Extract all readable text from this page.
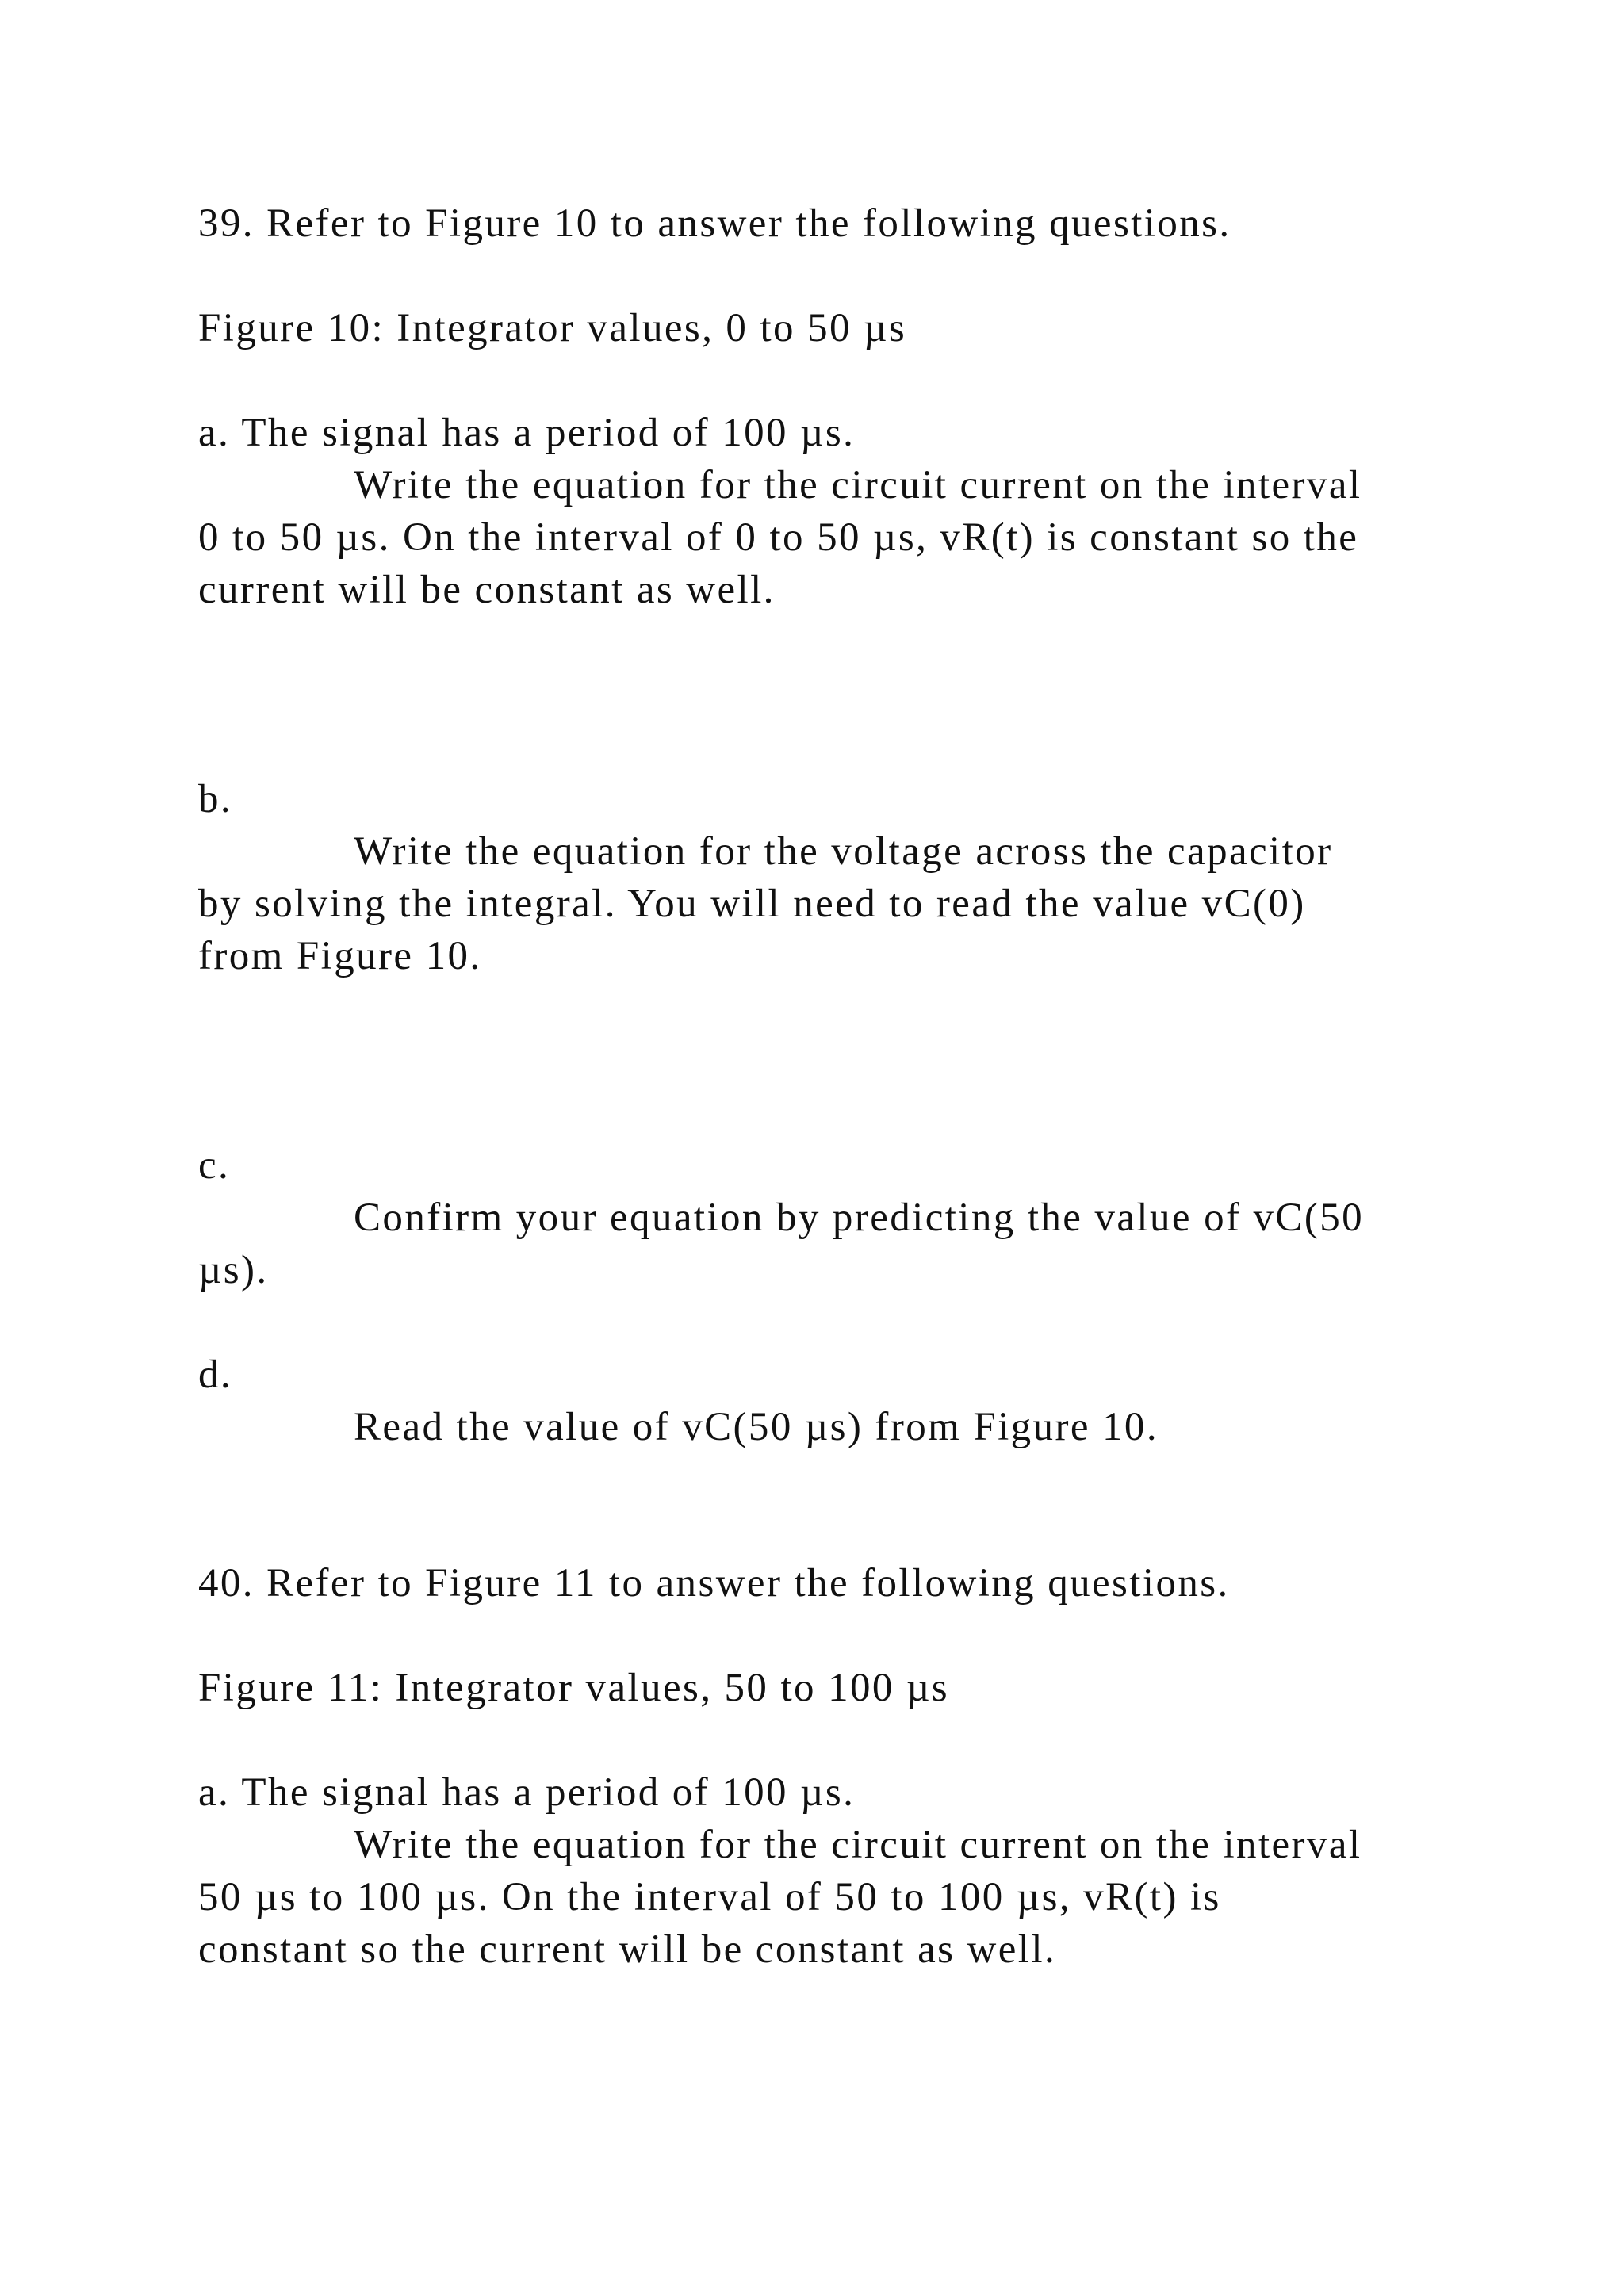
39. Refer to Figure 10 to answer the following questions.

Figure 10: Integrator values, 0 to 50 µs

a. The signal has a period of 100 µs.

Write the equation for the circuit current on the interval

0 to 50 µs. On the interval of 0 to 50 µs, vR(t) is constant so the

current will be constant as well.

b.

Write the equation for the voltage across the capacitor

by solving the integral. You will need to read the value vC(0)

from Figure 10.

c.

Confirm your equation by predicting the value of vC(50

µs).

d.

Read the value of vC(50 µs) from Figure 10.

40. Refer to Figure 11 to answer the following questions.

Figure 11: Integrator values, 50 to 100 µs

a. The signal has a period of 100 µs.

Write the equation for the circuit current on the interval

50 µs to 100 µs. On the interval of 50 to 100 µs, vR(t) is

constant so the current will be constant as well.
